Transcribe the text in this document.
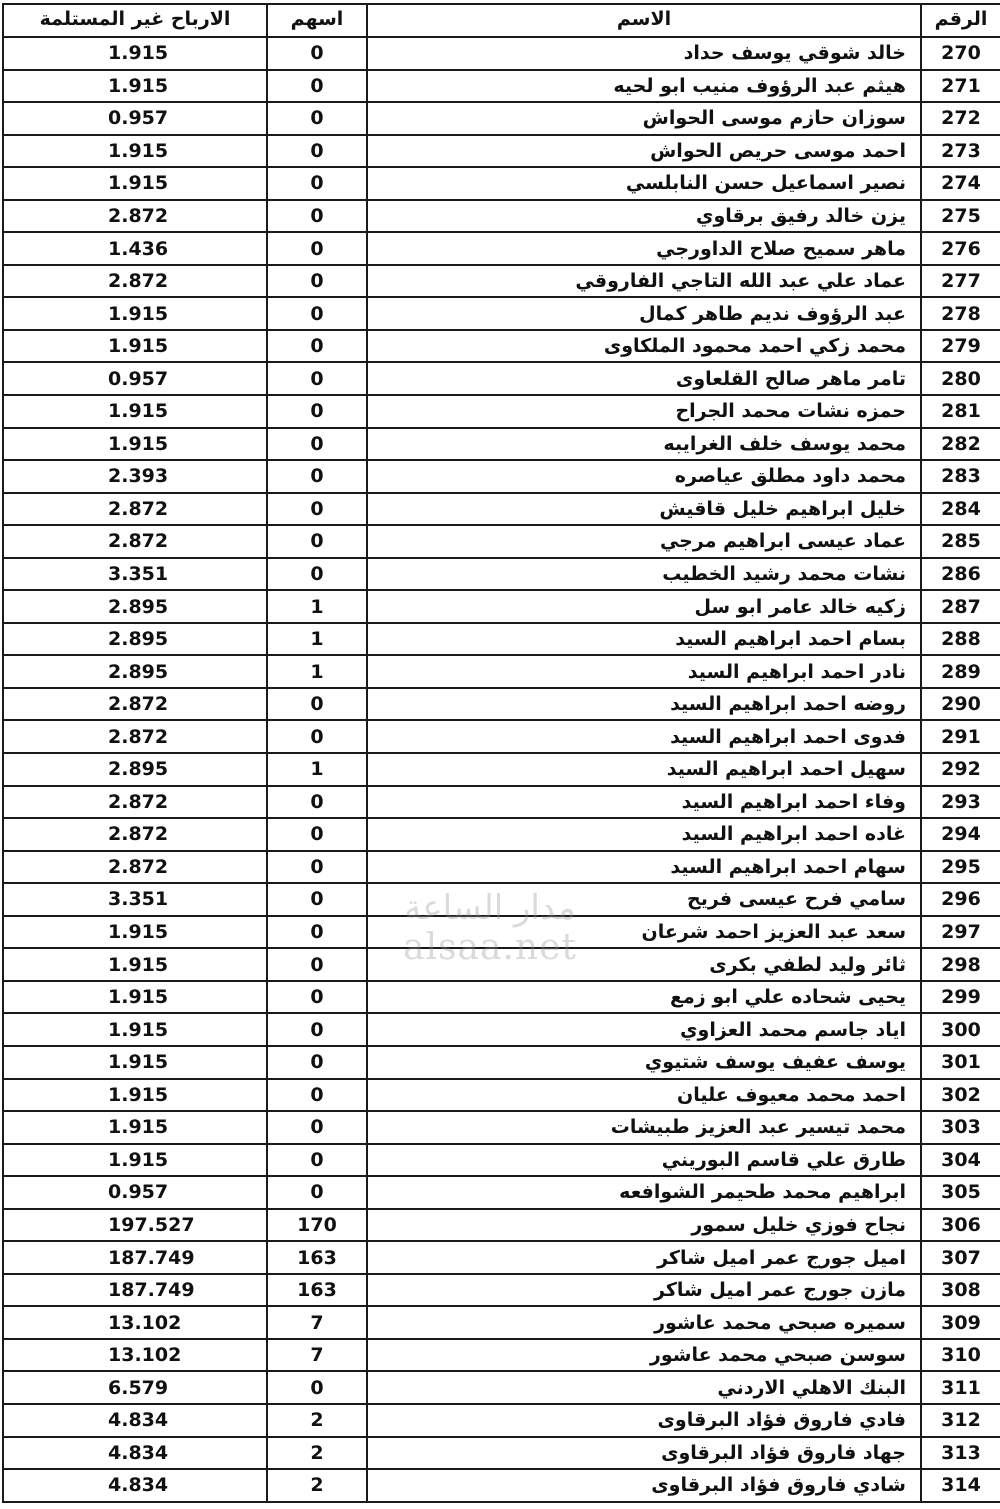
الرقم	الاسم	اسهم	الارباح غير المستلمة
270	خالد شوقي يوسف حداد	0	1.915
271	هيثم عبد الرؤوف منيب ابو لحيه	0	1.915
272	سوزان حازم موسى الحواش	0	0.957
273	احمد موسى حريص الحواش	0	1.915
274	نصير اسماعيل حسن النابلسي	0	1.915
275	يزن خالد رفيق برقاوي	0	2.872
276	ماهر سميح صلاح الداورجي	0	1.436
277	عماد علي عبد الله التاجي الفاروقي	0	2.872
278	عبد الرؤوف نديم طاهر كمال	0	1.915
279	محمد زكي احمد محمود الملكاوى	0	1.915
280	تامر ماهر صالح القلعاوى	0	0.957
281	حمزه نشات محمد الجراح	0	1.915
282	محمد يوسف خلف الغرايبه	0	1.915
283	محمد داود مطلق عياصره	0	2.393
284	خليل ابراهيم خليل قاقيش	0	2.872
285	عماد عيسى ابراهيم مرجي	0	2.872
286	نشات محمد رشيد الخطيب	0	3.351
287	زكيه خالد عامر ابو سل	1	2.895
288	بسام احمد ابراهيم السيد	1	2.895
289	نادر احمد ابراهيم السيد	1	2.895
290	روضه احمد ابراهيم السيد	0	2.872
291	فدوى احمد ابراهيم السيد	0	2.872
292	سهيل احمد ابراهيم السيد	1	2.895
293	وفاء احمد ابراهيم السيد	0	2.872
294	غاده احمد ابراهيم السيد	0	2.872
295	سهام احمد ابراهيم السيد	0	2.872
296	سامي فرح عيسى فريح	0	3.351
297	سعد عبد العزيز احمد شرعان	0	1.915
298	ثائر وليد لطفي بكرى	0	1.915
299	يحيى شحاده علي ابو زمع	0	1.915
300	اياد جاسم محمد العزاوي	0	1.915
301	يوسف عفيف يوسف شتيوي	0	1.915
302	احمد محمد معيوف عليان	0	1.915
303	محمد تيسير عبد العزيز طبيشات	0	1.915
304	طارق علي قاسم البوريني	0	1.915
305	ابراهيم محمد طحيمر الشوافعه	0	0.957
306	نجاح فوزي خليل سمور	170	197.527
307	اميل جورج عمر اميل شاكر	163	187.749
308	مازن جورج عمر اميل شاكر	163	187.749
309	سميره صبحي محمد عاشور	7	13.102
310	سوسن صبحي محمد عاشور	7	13.102
311	البنك الاهلي الاردني	0	6.579
312	فادي فاروق فؤاد البرقاوى	2	4.834
313	جهاد فاروق فؤاد البرقاوى	2	4.834
314	شادي فاروق فؤاد البرقاوى	2	4.834
مدار الساعة
alsaa.net
